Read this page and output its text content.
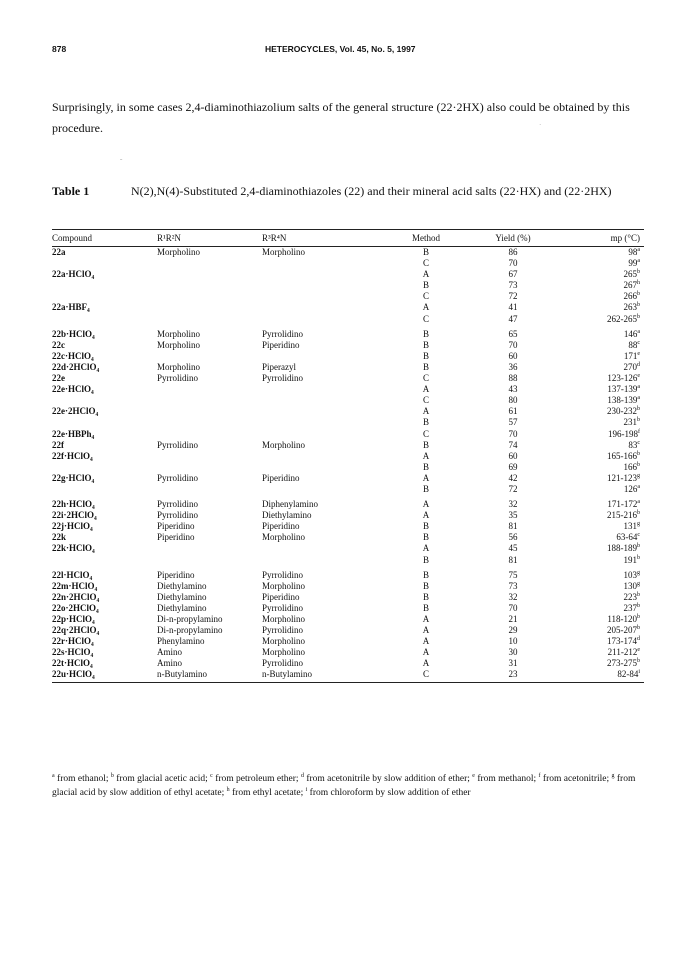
878	HETEROCYCLES, Vol. 45, No. 5, 1997

Surprisingly, in some cases 2,4-diaminothiazolium salts of the general structure (22·2HX) also could be obtained by this procedure.

ˇ
·
Table 1	N(2),N(4)-Substituted 2,4-diaminothiazoles (22) and their mineral acid salts (22·HX) and (22·2HX)
Compound	R¹R²N	R³R⁴N	Method	Yield (%)	mp (°C)
22a	Morpholino	Morpholino	B	86	98$^a$
			C	70	99$^a$
22a·HClO₄			A	67	265$^b$
			B	73	267$^h$
			C	72	266$^b$
22a·HBF₄			A	41	263$^b$
			C	47	262-265$^b$
22b·HClO₄	Morpholino	Pyrrolidino	B	65	146$^a$
22c	Morpholino	Piperidino	B	70	88$^c$
22c·HClO₄			B	60	171e
22d·2HClO₄	Morpholino	Piperazyl	B	36	270$^d$
22e	Pyrrolidino	Pyrrolidino	C	88	123-126e
22e·HClO₄			A	43	137-139$^a$
			C	80	138-139$^a$
22e·2HClO₄			A	61	230-232$^b$
			B	57	231$^b$
22e·HBPh₄			C	70	196-198$^f$
22f	Pyrrolidino	Morpholino	B	74	83$^c$
22f·HClO₄			A	60	165-166$^b$
			B	69	166$^b$
22g·HClO₄	Pyrrolidino	Piperidino	A	42	121-123$^g$
			B	72	126$^a$
22h·HClO₄	Pyrrolidino	Diphenylamino	A	32	171-172$^a$
22i·2HClO₄	Pyrrolidino	Diethylamino	A	35	215-216$^b$
22j·HClO₄	Piperidino	Piperidino	B	81	131$^g$
22k	Piperidino	Morpholino	B	56	63-64$^c$
22k·HClO₄			A	45	188-189$^b$
			B	81	191$^b$
22l·HClO₄	Piperidino	Pyrrolidino	B	75	103$^g$
22m·HClO₄	Diethylamino	Morpholino	B	73	130$^g$
22n·2HClO₄	Diethylamino	Piperidino	B	32	223$^b$
22o·2HClO₄	Diethylamino	Pyrrolidino	B	70	237$^b$
22p·HClO₄	Di-n-propylamino	Morpholino	A	21	118-120$^b$
22q·2HClO₄	Di-n-propylamino	Pyrrolidino	A	29	205-207$^b$
22r·HClO₄	Phenylamino	Morpholino	A	10	173-174$^d$
22s·HClO₄	Amino	Morpholino	A	30	211-212e
22t·HClO₄	Amino	Pyrrolidino	A	31	273-275$^b$
22u·HClO₄	n-Butylamino	n-Butylamino	C	23	82-84$^i$

$^a$ from ethanol; $^b$ from glacial acetic acid; $^c$ from petroleum ether; $^d$ from acetonitrile by slow addition of ether; $^e$ from methanol; $^f$ from acetonitrile; $^g$ from glacial acid by slow addition of ethyl acetate; $^h$ from ethyl acetate; $^i$ from chloroform by slow addition of ether
